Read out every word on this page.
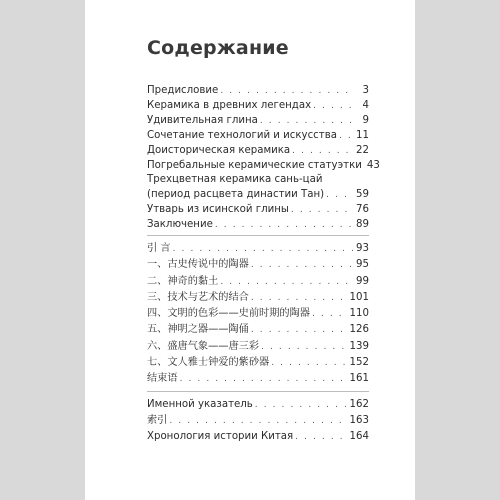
Содержание
Предисловие . . .	3
Керамика в древних легендах . . .	4
Удивительная глина . . .	9
Сочетание технологий и искусства . . . 11
Доисторическая керамика . . .	22
Погребальные керамические статуэтки 43
Трехцветная керамика сань-цай
(период расцвета династии Тан) . . .	59
Утварь из исинской глины . . .	76
Заключение . . .	89
引 言 . . .	93
一、古史传说中的陶器 . . .	95
二、神奇的黏土 . . .	99
三、技术与艺术的结合 . . .	101
四、文明的色彩——史前时期的陶器 . . .	110
五、神明之器——陶俑 . . .	126
六、盛唐气象——唐三彩 . . .	139
七、文人雅士钟爱的紫砂器 . . .	152
结束语 . . .	161
Именной указатель . . .	162
索引 . . .	163
Хронология истории Китая . . .	164
